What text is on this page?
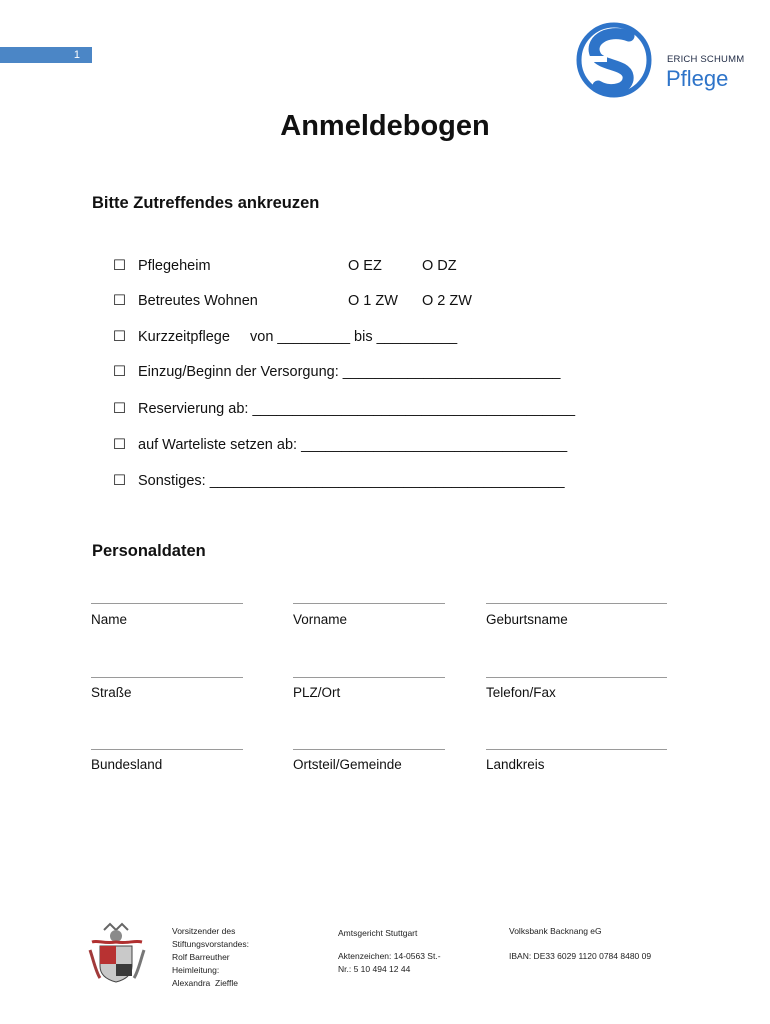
1	ERICH SCHUMM
Pflege
Anmeldebogen
Bitte Zutreffendes ankreuzen
☐ Pflegeheim	O EZ	O DZ
☐ Betreutes Wohnen	O 1 ZW O 2 ZW
☐ Kurzzeitpflege     von _________ bis __________
☐ Einzug/Beginn der Versorgung: ___________________________
☐ Reservierung ab: ________________________________________
☐ auf Warteliste setzen ab: _________________________________
☐ Sonstiges: ____________________________________________
Personaldaten
Name	Vorname	Geburtsname
Straße	PLZ/Ort	Telefon/Fax
Bundesland	Ortsteil/Gemeinde	Landkreis
Vorsitzender des
Stiftungsvorstandes:
Rolf Barreuther
Heimleitung:
Alexandra  Zieffle
Amtsgericht Stuttgart
Aktenzeichen: 14-0563 St.-
Nr.: 5 10 494 12 44
Volksbank Backnang eG
IBAN: DE33 6029 1120 0784 8480 09
